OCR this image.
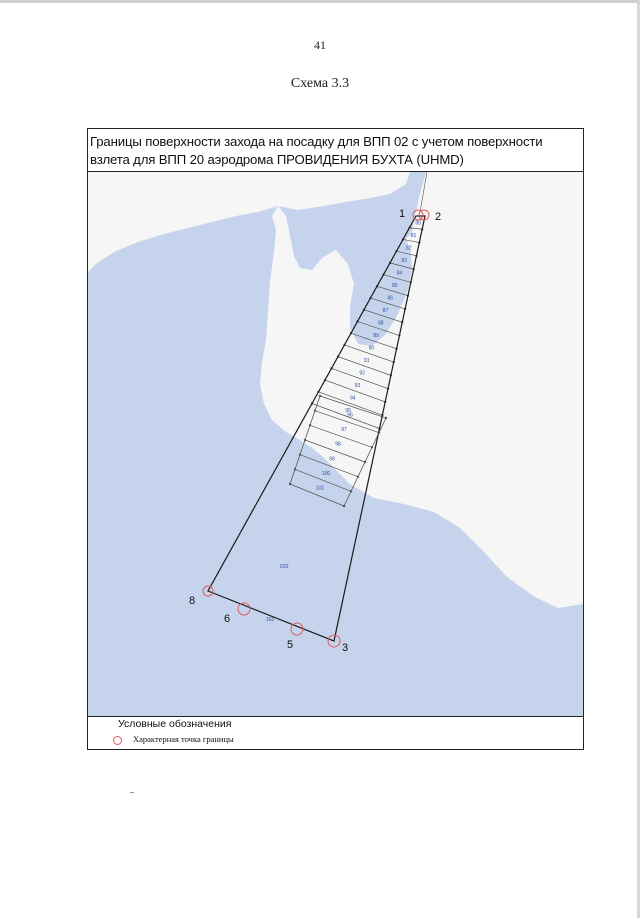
41
Схема 3.3
Границы поверхности захода на посадку для ВПП 02 с учетом поверхности взлета для ВПП 20 аэродрома ПРОВИДЕНИЯ БУХТА (UHMD)
80
81
82
83
84
85
86
87
88
89
90
91
92
93
94
95
96
97
98
99
100
101
102
103
1	2
8
6
5	3
Условные обозначения
Характерная точка границы
